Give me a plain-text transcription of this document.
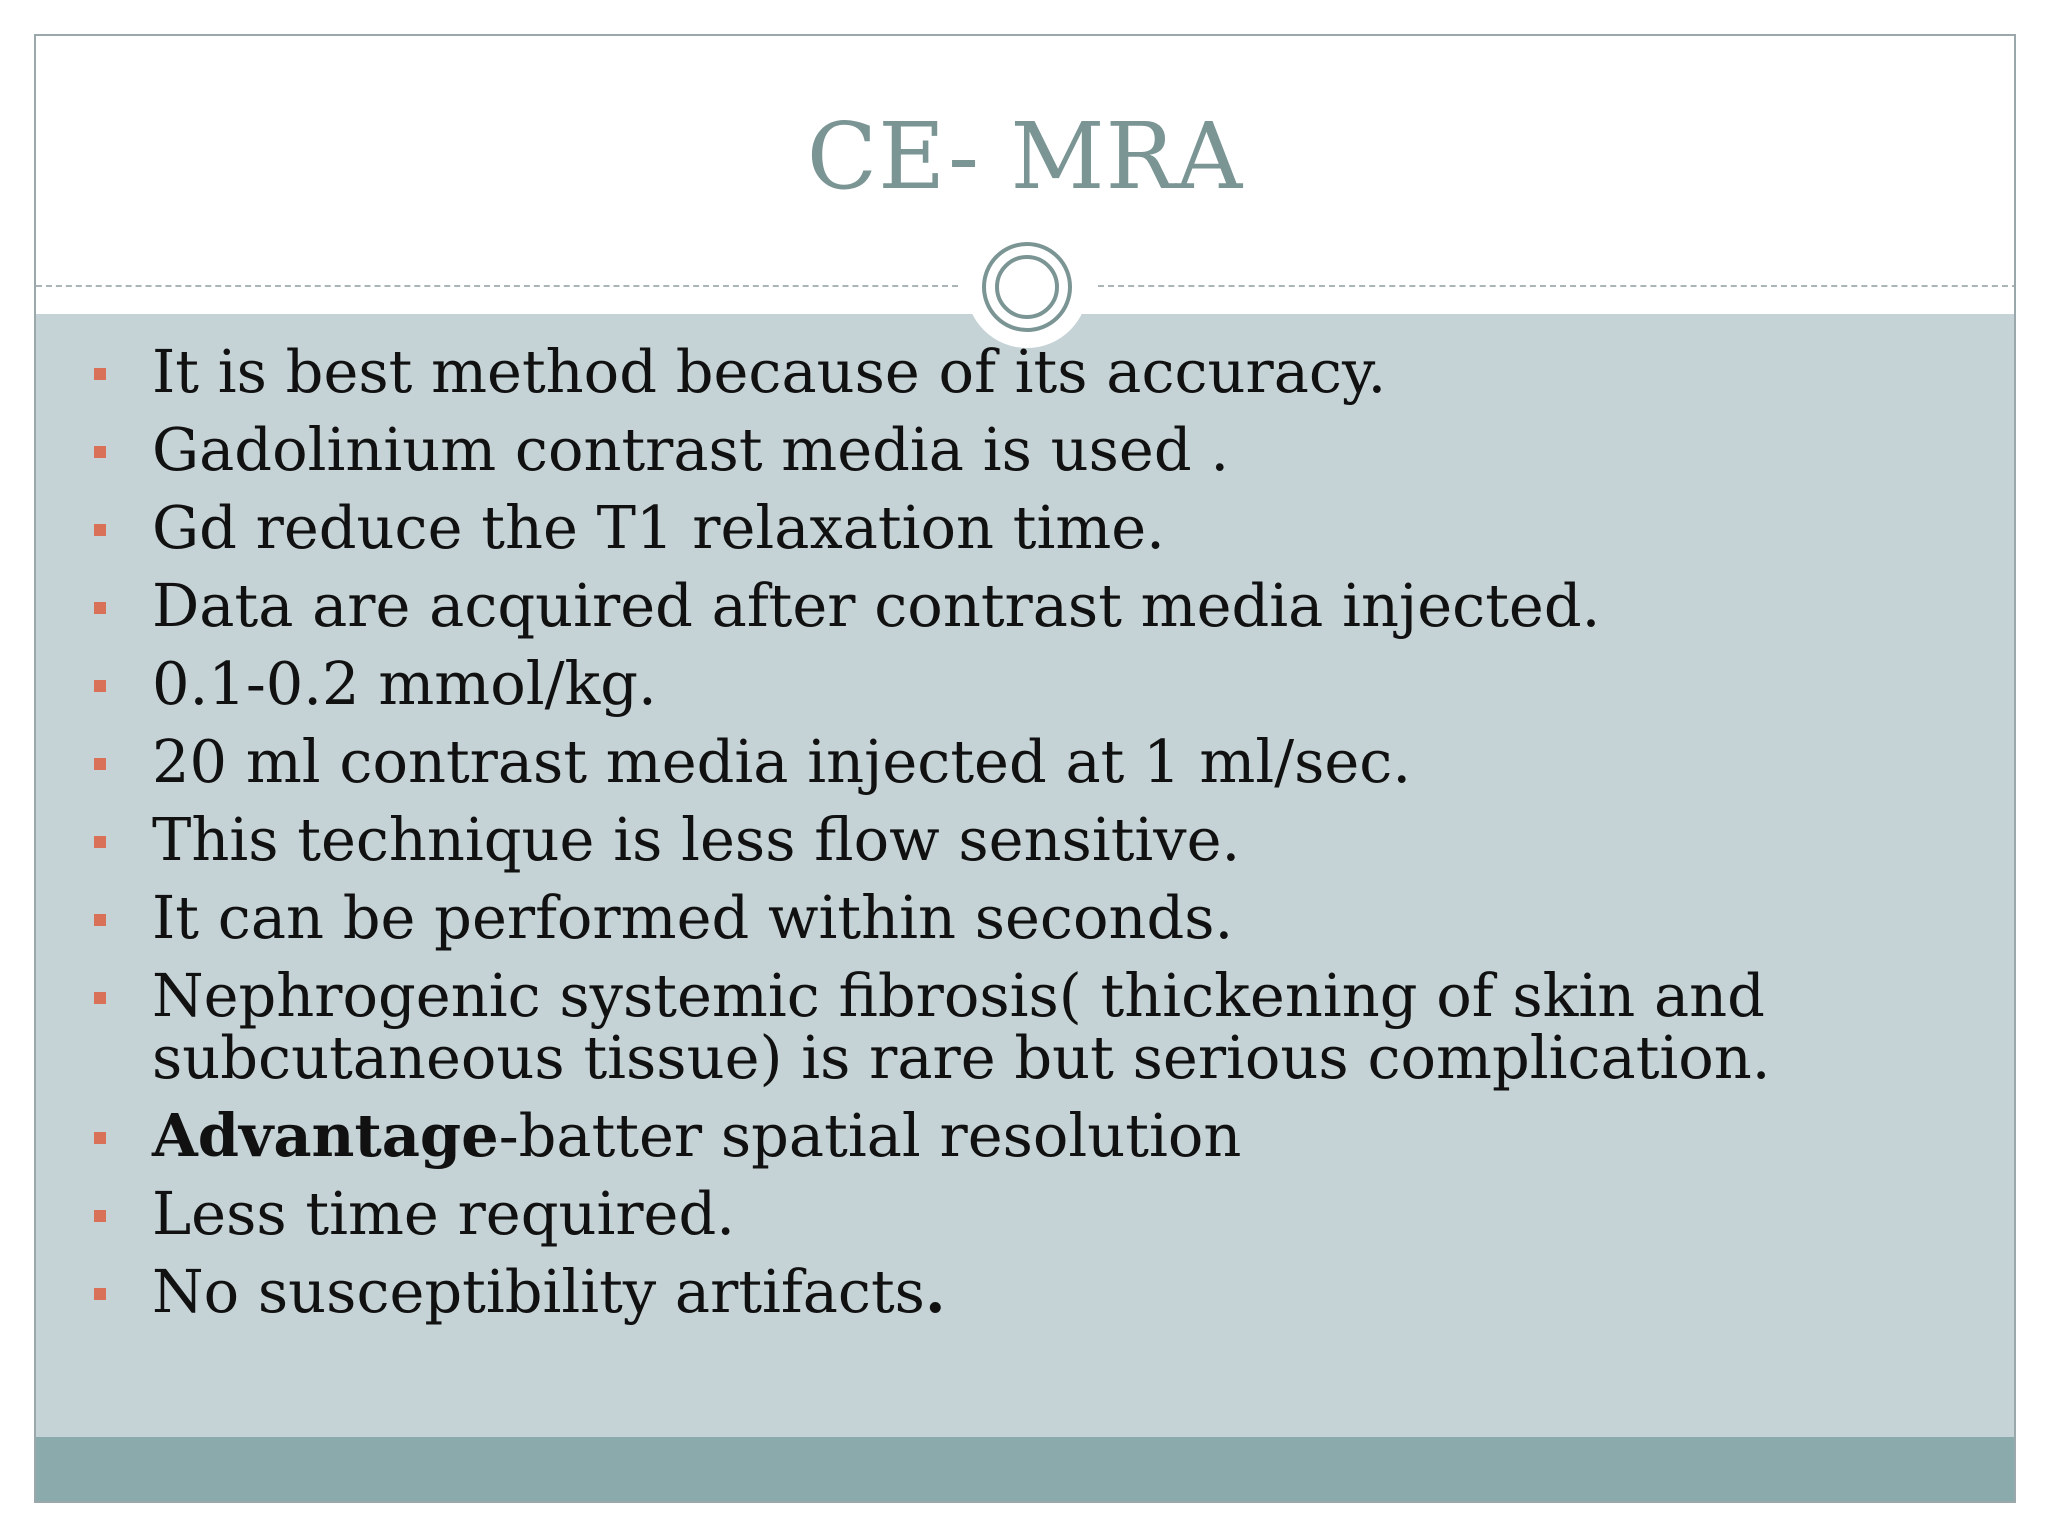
CE- MRA
It is best method because of its accuracy.
Gadolinium contrast media is used .
Gd reduce the T1 relaxation time.
Data are acquired after contrast media injected.
0.1-0.2 mmol/kg.
20 ml contrast media injected at 1 ml/sec.
This technique is less flow sensitive.
It can be performed within seconds.
Nephrogenic systemic fibrosis( thickening of skin and subcutaneous tissue) is rare but serious complication.
Advantage-batter spatial resolution
Less time required.
No susceptibility artifacts.
